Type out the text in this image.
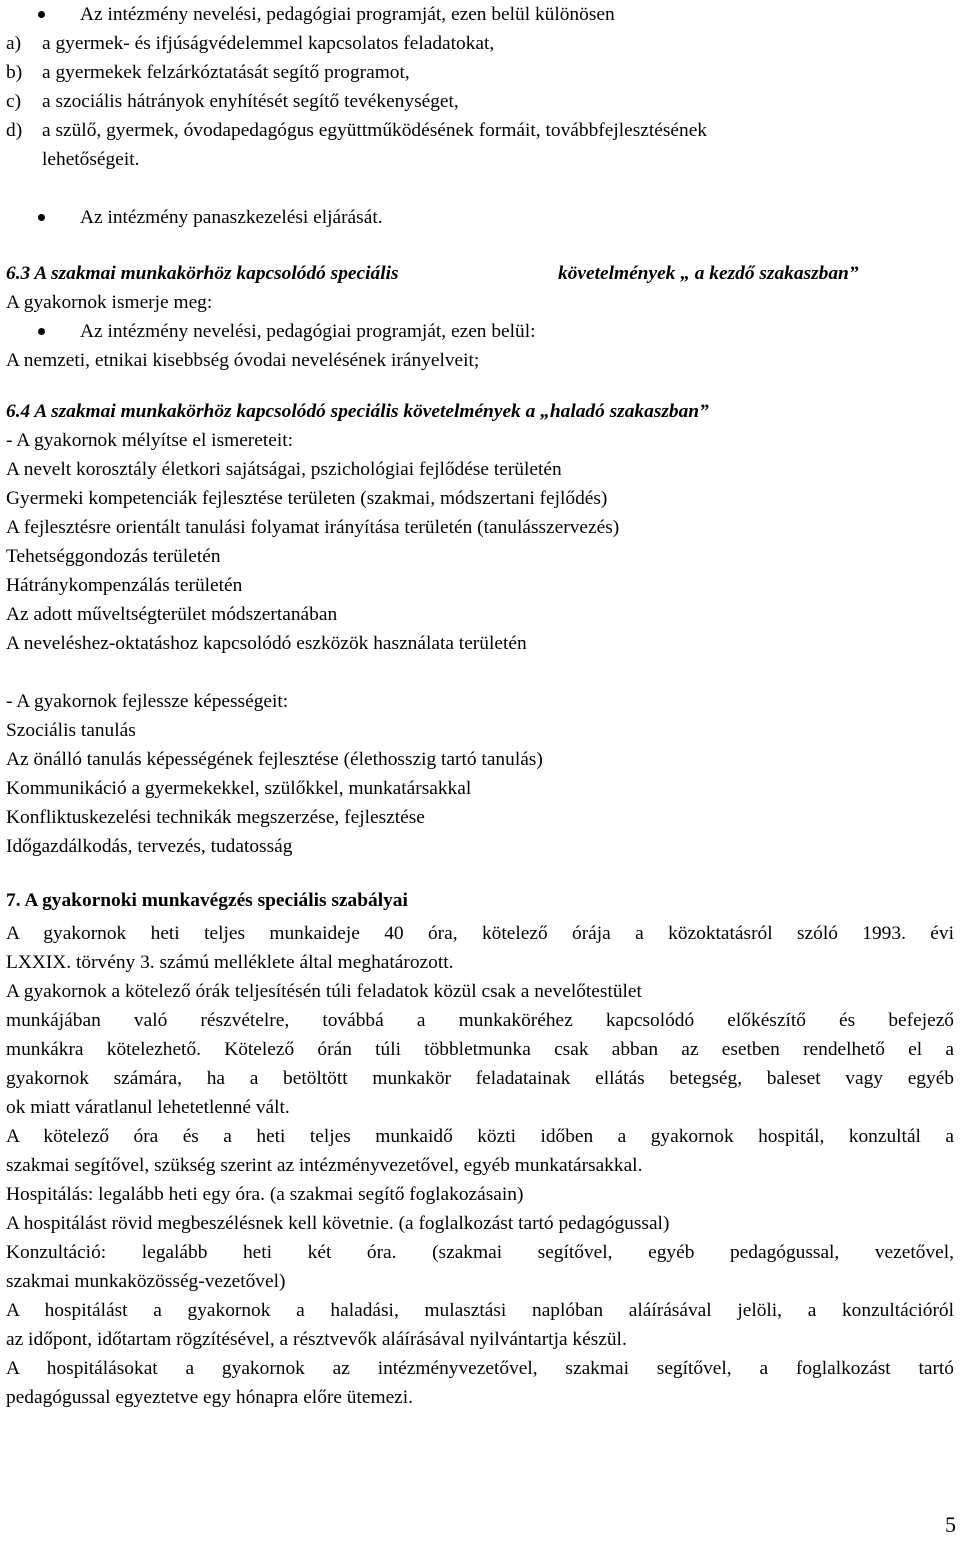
Az intézmény nevelési, pedagógiai programját, ezen belül különösen
a) a gyermek- és ifjúságvédelemmel kapcsolatos feladatokat,
b) a gyermekek felzárkóztatását segítő programot,
c) a szociális hátrányok enyhítését segítő tevékenységet,
d) a szülő, gyermek, óvodapedagógus együttműködésének formáit, továbbfejlesztésének
lehetőségeit.
Az intézmény panaszkezelési eljárását.
6.3 A szakmai munkakörhöz kapcsolódó speciális	követelmények „ a kezdő szakaszban”
A gyakornok ismerje meg:
Az intézmény nevelési, pedagógiai programját, ezen belül:
A nemzeti, etnikai kisebbség óvodai nevelésének irányelveit;
6.4 A szakmai munkakörhöz kapcsolódó speciális követelmények a „haladó szakaszban”
- A gyakornok mélyítse el ismereteit:
A nevelt korosztály életkori sajátságai, pszichológiai fejlődése területén
Gyermeki kompetenciák fejlesztése területen (szakmai, módszertani fejlődés)
A fejlesztésre orientált tanulási folyamat irányítása területén (tanulásszervezés)
Tehetséggondozás területén
Hátránykompenzálás területén
Az adott műveltségterület módszertanában
A neveléshez-oktatáshoz kapcsolódó eszközök használata területén
- A gyakornok fejlessze képességeit:
Szociális tanulás
Az önálló tanulás képességének fejlesztése (élethosszig tartó tanulás)
Kommunikáció a gyermekekkel, szülőkkel, munkatársakkal
Konfliktuskezelési technikák megszerzése, fejlesztése
Időgazdálkodás, tervezés, tudatosság
7. A gyakornoki munkavégzés speciális szabályai
A gyakornok heti teljes munkaideje 40 óra, kötelező órája a közoktatásról szóló 1993. évi
LXXIX. törvény 3. számú melléklete által meghatározott.
A gyakornok a kötelező órák teljesítésén túli feladatok közül csak a nevelőtestület
munkájában való részvételre, továbbá a munkaköréhez kapcsolódó előkészítő és befejező
munkákra kötelezhető. Kötelező órán túli többletmunka csak abban az esetben rendelhető el a
gyakornok számára, ha a betöltött munkakör feladatainak ellátás betegség, baleset vagy egyéb
ok miatt váratlanul lehetetlenné vált.
A kötelező óra és a heti teljes munkaidő közti időben a gyakornok hospitál, konzultál a
szakmai segítővel, szükség szerint az intézményvezetővel, egyéb munkatársakkal.
Hospitálás: legalább heti egy óra. (a szakmai segítő foglakozásain)
A hospitálást rövid megbeszélésnek kell követnie. (a foglalkozást tartó pedagógussal)
Konzultáció: legalább heti két óra. (szakmai segítővel, egyéb pedagógussal, vezetővel,
szakmai munkaközösség-vezetővel)
A hospitálást a gyakornok a haladási, mulasztási naplóban aláírásával jelöli, a konzultációról
az időpont, időtartam rögzítésével, a résztvevők aláírásával nyilvántartja készül.
A hospitálásokat a gyakornok az intézményvezetővel, szakmai segítővel, a foglalkozást tartó
pedagógussal egyeztetve egy hónapra előre ütemezi.
5
